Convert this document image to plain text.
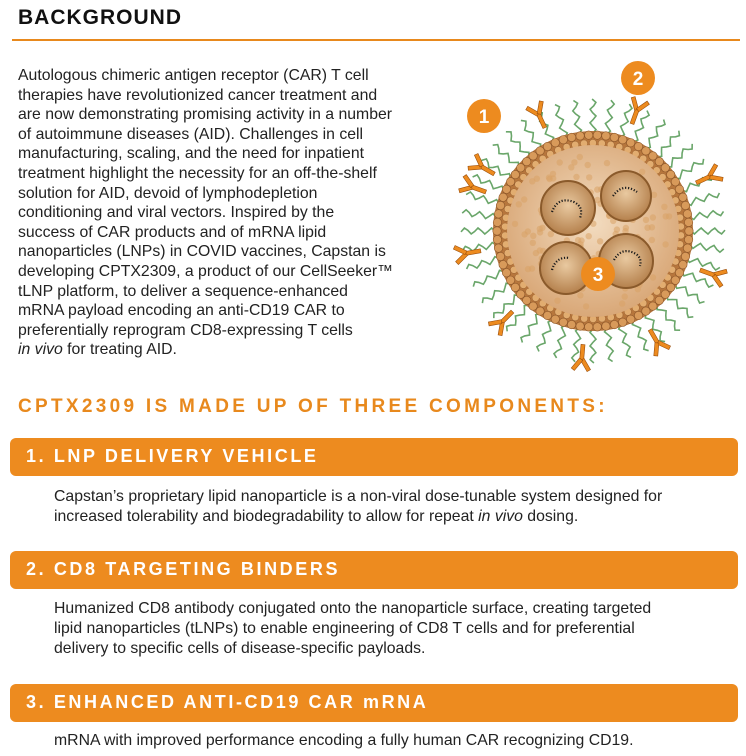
BACKGROUND
Autologous chimeric antigen receptor (CAR) T cell
therapies have revolutionized cancer treatment and
are now demonstrating promising activity in a number
of autoimmune diseases (AID). Challenges in cell
manufacturing, scaling, and the need for inpatient
treatment highlight the necessity for an off-the-shelf
solution for AID, devoid of lymphodepletion
conditioning and viral vectors. Inspired by the
success of CAR products and of mRNA lipid
nanoparticles (LNPs) in COVID vaccines, Capstan is
developing CPTX2309, a product of our CellSeeker™
tLNP platform, to deliver a sequence-enhanced
mRNA payload encoding an anti-CD19 CAR to
preferentially reprogram CD8-expressing T cells
in vivo for treating AID.
1
2
3
CPTX2309 IS MADE UP OF THREE COMPONENTS:
1. LNP DELIVERY VEHICLE
Capstan’s proprietary lipid nanoparticle is a non-viral dose-tunable system designed for
increased tolerability and biodegradability to allow for repeat in vivo dosing.
2. CD8 TARGETING BINDERS
Humanized CD8 antibody conjugated onto the nanoparticle surface, creating targeted
lipid nanoparticles (tLNPs) to enable engineering of CD8 T cells and for preferential
delivery to specific cells of disease-specific payloads.
3. ENHANCED ANTI-CD19 CAR mRNA
mRNA with improved performance encoding a fully human CAR recognizing CD19.
